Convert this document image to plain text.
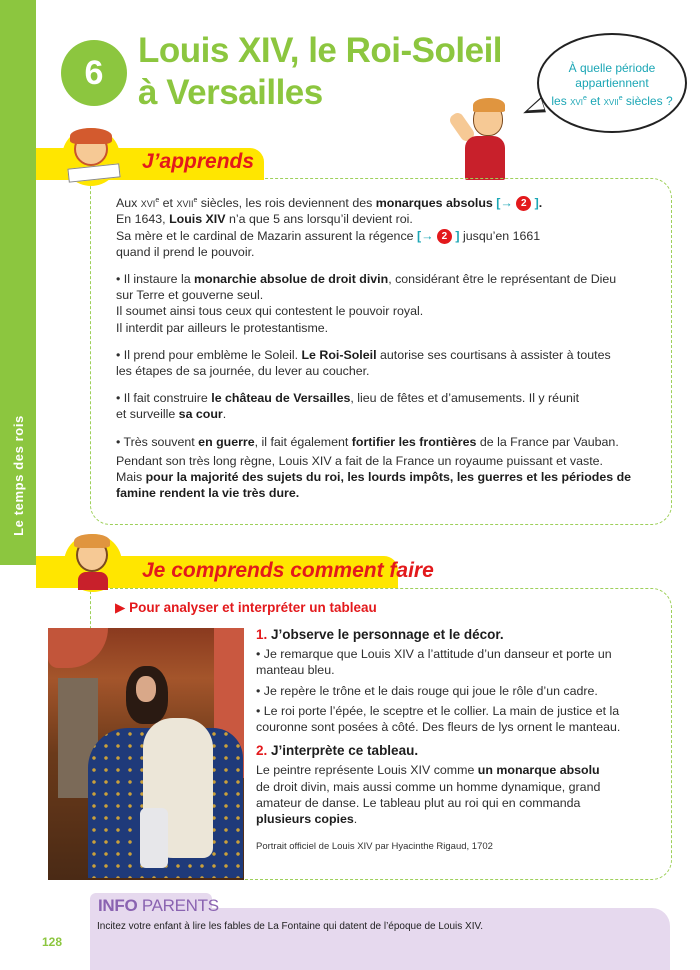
Le temps des rois
6
Louis XIV, le Roi-Soleil
à Versailles
À quelle période
appartiennent
les xvi$^e$ et xvii$^e$ siècles ?
J’apprends
Aux xvi$^e$ et xvii$^e$ siècles, les rois deviennent des monarques absolus [→ 2 ].
En 1643, Louis XIV n’a que 5 ans lorsqu’il devient roi.
Sa mère et le cardinal de Mazarin assurent la régence [→ 2 ] jusqu’en 1661
quand il prend le pouvoir.
• Il instaure la monarchie absolue de droit divin, considérant être le représentant de Dieu
sur Terre et gouverne seul.
Il soumet ainsi tous ceux qui contestent le pouvoir royal.
Il interdit par ailleurs le protestantisme.
• Il prend pour emblème le Soleil. Le Roi-Soleil autorise ses courtisans à assister à toutes
les étapes de sa journée, du lever au coucher.
• Il fait construire le château de Versailles, lieu de fêtes et d’amusements. Il y réunit
et surveille sa cour.
• Très souvent en guerre, il fait également fortifier les frontières de la France par Vauban.
Pendant son très long règne, Louis XIV a fait de la France un royaume puissant et vaste.
Mais pour la majorité des sujets du roi, les lourds impôts, les guerres et les périodes de famine rendent la vie très dure.
Je comprends comment faire
▶ Pour analyser et interpréter un tableau
1. J’observe le personnage et le décor.
• Je remarque que Louis XIV a l’attitude d’un danseur et porte un manteau bleu.
• Je repère le trône et le dais rouge qui joue le rôle d’un cadre.
• Le roi porte l’épée, le sceptre et le collier. La main de justice et la couronne sont posées à côté. Des fleurs de lys ornent le manteau.
2. J’interprète ce tableau.
Le peintre représente Louis XIV comme un monarque absolu de droit divin, mais aussi comme un homme dynamique, grand amateur de danse. Le tableau plut au roi qui en commanda plusieurs copies.
Portrait officiel de Louis XIV par Hyacinthe Rigaud, 1702
INFO PARENTS
Incitez votre enfant à lire les fables de La Fontaine qui datent de l’époque de Louis XIV.
128
